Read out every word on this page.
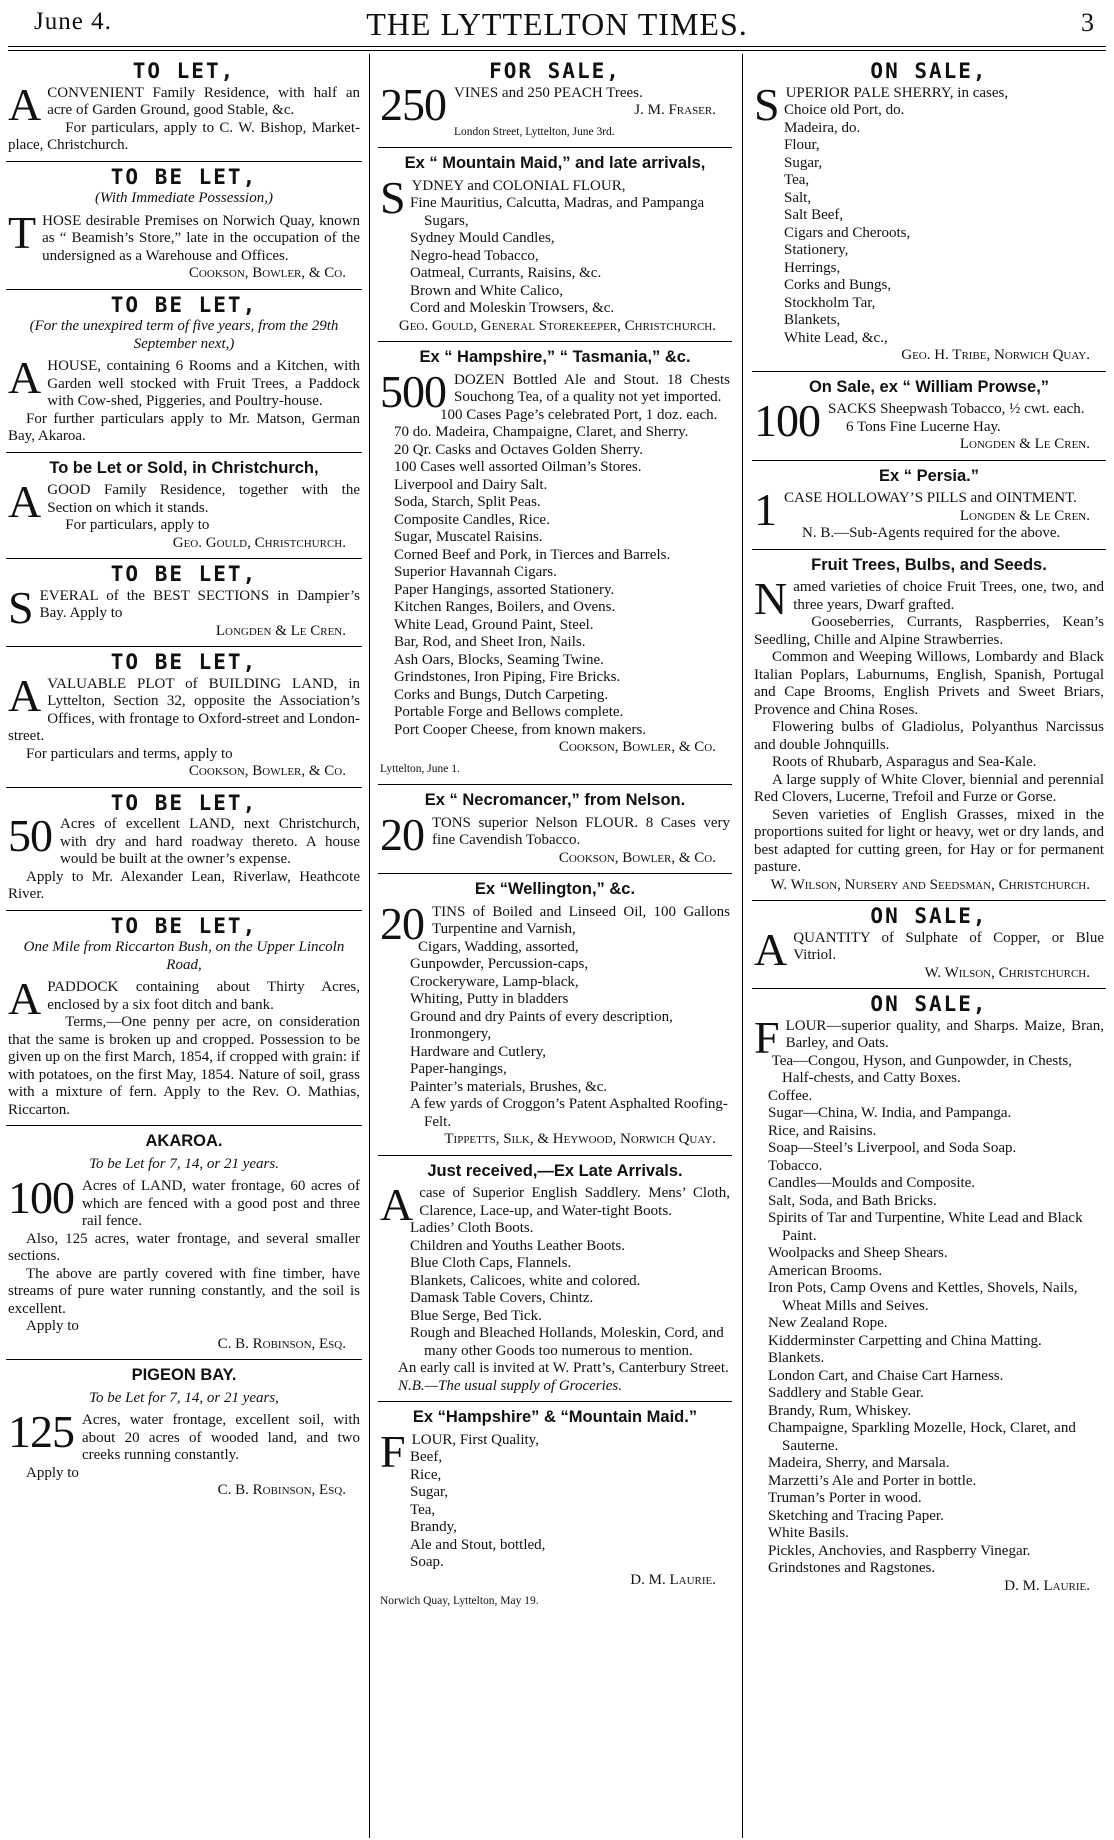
June 4.	THE LYTTELTON TIMES.	3
TO LET,

ACONVENIENT Family Residence, with half an acre of Garden Ground, good Stable, &c.

For particulars, apply to C. W. Bishop, Market-place, Christchurch.

TO BE LET,
(With Immediate Possession,)

THOSE desirable Premises on Norwich Quay, known as “ Beamish’s Store,” late in the occupation of the undersigned as a Warehouse and Offices.

Cookson, Bowler, & Co.

TO BE LET,
(For the unexpired term of five years, from the 29th September next,)

AHOUSE, containing 6 Rooms and a Kitchen, with Garden well stocked with Fruit Trees, a Paddock with Cow-shed, Piggeries, and Poultry-house.

For further particulars apply to Mr. Matson, German Bay, Akaroa.

To be Let or Sold, in Christchurch,

AGOOD Family Residence, together with the Section on which it stands.

For particulars, apply to

Geo. Gould, Christchurch.

TO BE LET,

SEVERAL of the BEST SECTIONS in Dampier’s Bay. Apply to

Longden & Le Cren.

TO BE LET,

AVALUABLE PLOT of BUILDING LAND, in Lyttelton, Section 32, opposite the Association’s Offices, with frontage to Oxford-street and London-street.

For particulars and terms, apply to

Cookson, Bowler, & Co.

TO BE LET,

50 Acres of excellent LAND, next Christchurch, with dry and hard roadway thereto. A house would be built at the owner’s expense.

Apply to Mr. Alexander Lean, Riverlaw, Heathcote River.

TO BE LET,
One Mile from Riccarton Bush, on the Upper Lincoln Road,

APADDOCK containing about Thirty Acres, enclosed by a six foot ditch and bank.

Terms,—One penny per acre, on consideration that the same is broken up and cropped. Possession to be given up on the first March, 1854, if cropped with grain: if with potatoes, on the first May, 1854. Nature of soil, grass with a mixture of fern. Apply to the Rev. O. Mathias, Riccarton.

AKAROA.
To be Let for 7, 14, or 21 years.

100 Acres of LAND, water frontage, 60 acres of which are fenced with a good post and three rail fence.

Also, 125 acres, water frontage, and several smaller sections.

The above are partly covered with fine timber, have streams of pure water running constantly, and the soil is excellent.

Apply to

C. B. Robinson, Esq.

PIGEON BAY.
To be Let for 7, 14, or 21 years,

125 Acres, water frontage, excellent soil, with about 20 acres of wooded land, and two creeks running constantly.

Apply to

C. B. Robinson, Esq.

FOR SALE,

250 VINES and 250 PEACH Trees.

J. M. Fraser.

London Street, Lyttelton, June 3rd.

Ex “ Mountain Maid,” and late arrivals,

SYDNEY and COLONIAL FLOUR,

Fine Mauritius, Calcutta, Madras, and Pampanga Sugars,
Sydney Mould Candles,
Negro-head Tobacco,
Oatmeal, Currants, Raisins, &c.
Brown and White Calico,
Cord and Moleskin Trowsers, &c.

Geo. Gould, General Storekeeper, Christchurch.

Ex “ Hampshire,” “ Tasmania,” &c.

500 DOZEN Bottled Ale and Stout. 18 Chests Souchong Tea, of a quality not yet imported.

100 Cases Page’s celebrated Port, 1 doz. each.
70 do. Madeira, Champaigne, Claret, and Sherry.
20 Qr. Casks and Octaves Golden Sherry.
100 Cases well assorted Oilman’s Stores.
Liverpool and Dairy Salt.
Soda, Starch, Split Peas.
Composite Candles, Rice.
Sugar, Muscatel Raisins.
Corned Beef and Pork, in Tierces and Barrels.
Superior Havannah Cigars.
Paper Hangings, assorted Stationery.
Kitchen Ranges, Boilers, and Ovens.
White Lead, Ground Paint, Steel.
Bar, Rod, and Sheet Iron, Nails.
Ash Oars, Blocks, Seaming Twine.
Grindstones, Iron Piping, Fire Bricks.
Corks and Bungs, Dutch Carpeting.
Portable Forge and Bellows complete.
Port Cooper Cheese, from known makers.

Cookson, Bowler, & Co.

Lyttelton, June 1.

Ex “ Necromancer,” from Nelson.

20 TONS superior Nelson FLOUR. 8 Cases very fine Cavendish Tobacco.

Cookson, Bowler, & Co.

Ex “Wellington,” &c.

20 TINS of Boiled and Linseed Oil, 100 Gallons Turpentine and Varnish,

Cigars, Wadding, assorted,
Gunpowder, Percussion-caps,
Crockeryware, Lamp-black,
Whiting, Putty in bladders
Ground and dry Paints of every description,
Ironmongery,
Hardware and Cutlery,
Paper-hangings,
Painter’s materials, Brushes, &c.
A few yards of Croggon’s Patent Asphalted Roofing-Felt.

Tippetts, Silk, & Heywood, Norwich Quay.

Just received,—Ex Late Arrivals.

Acase of Superior English Saddlery. Mens’ Cloth, Clarence, Lace-up, and Water-tight Boots.

Ladies’ Cloth Boots.
Children and Youths Leather Boots.
Blue Cloth Caps, Flannels.
Blankets, Calicoes, white and colored.
Damask Table Covers, Chintz.
Blue Serge, Bed Tick.
Rough and Bleached Hollands, Moleskin, Cord, and many other Goods too numerous to mention.

An early call is invited at W. Pratt’s, Canterbury Street.

N.B.—The usual supply of Groceries.

Ex “Hampshire” & “Mountain Maid.”

FLOUR, First Quality,

Beef,
Rice,
Sugar,
Tea,
Brandy,
Ale and Stout, bottled,
Soap.

D. M. Laurie.

Norwich Quay, Lyttelton, May 19.

ON SALE,

SUPERIOR PALE SHERRY, in cases,

Choice old Port, do.
Madeira, do.
Flour,
Sugar,
Tea,
Salt,
Salt Beef,
Cigars and Cheroots,
Stationery,
Herrings,
Corks and Bungs,
Stockholm Tar,
Blankets,
White Lead, &c.,

Geo. H. Tribe, Norwich Quay.

On Sale, ex “ William Prowse,”

100 SACKS Sheepwash Tobacco, ½ cwt. each.

6 Tons Fine Lucerne Hay.

Longden & Le Cren.

Ex “ Persia.”

1 CASE HOLLOWAY’S PILLS and OINTMENT.

Longden & Le Cren.

N. B.—Sub-Agents required for the above.

Fruit Trees, Bulbs, and Seeds.

Named varieties of choice Fruit Trees, one, two, and three years, Dwarf grafted.

Gooseberries, Currants, Raspberries, Kean’s Seedling, Chille and Alpine Strawberries.

Common and Weeping Willows, Lombardy and Black Italian Poplars, Laburnums, English, Spanish, Portugal and Cape Brooms, English Privets and Sweet Briars, Provence and China Roses.

Flowering bulbs of Gladiolus, Polyanthus Narcissus and double Johnquills.

Roots of Rhubarb, Asparagus and Sea-Kale.

A large supply of White Clover, biennial and perennial Red Clovers, Lucerne, Trefoil and Furze or Gorse.

Seven varieties of English Grasses, mixed in the proportions suited for light or heavy, wet or dry lands, and best adapted for cutting green, for Hay or for permanent pasture.

W. Wilson, Nursery and Seedsman, Christchurch.

ON SALE,

AQUANTITY of Sulphate of Copper, or Blue Vitriol.

W. Wilson, Christchurch.

ON SALE,

FLOUR—superior quality, and Sharps. Maize, Bran, Barley, and Oats.

Tea—Congou, Hyson, and Gunpowder, in Chests, Half-chests, and Catty Boxes.
Coffee.
Sugar—China, W. India, and Pampanga.
Rice, and Raisins.
Soap—Steel’s Liverpool, and Soda Soap.
Tobacco.
Candles—Moulds and Composite.
Salt, Soda, and Bath Bricks.
Spirits of Tar and Turpentine, White Lead and Black Paint.
Woolpacks and Sheep Shears.
American Brooms.
Iron Pots, Camp Ovens and Kettles, Shovels, Nails, Wheat Mills and Seives.
New Zealand Rope.
Kidderminster Carpetting and China Matting.
Blankets.
London Cart, and Chaise Cart Harness.
Saddlery and Stable Gear.
Brandy, Rum, Whiskey.
Champaigne, Sparkling Mozelle, Hock, Claret, and Sauterne.
Madeira, Sherry, and Marsala.
Marzetti’s Ale and Porter in bottle.
Truman’s Porter in wood.
Sketching and Tracing Paper.
White Basils.
Pickles, Anchovies, and Raspberry Vinegar.
Grindstones and Ragstones.

D. M. Laurie.
